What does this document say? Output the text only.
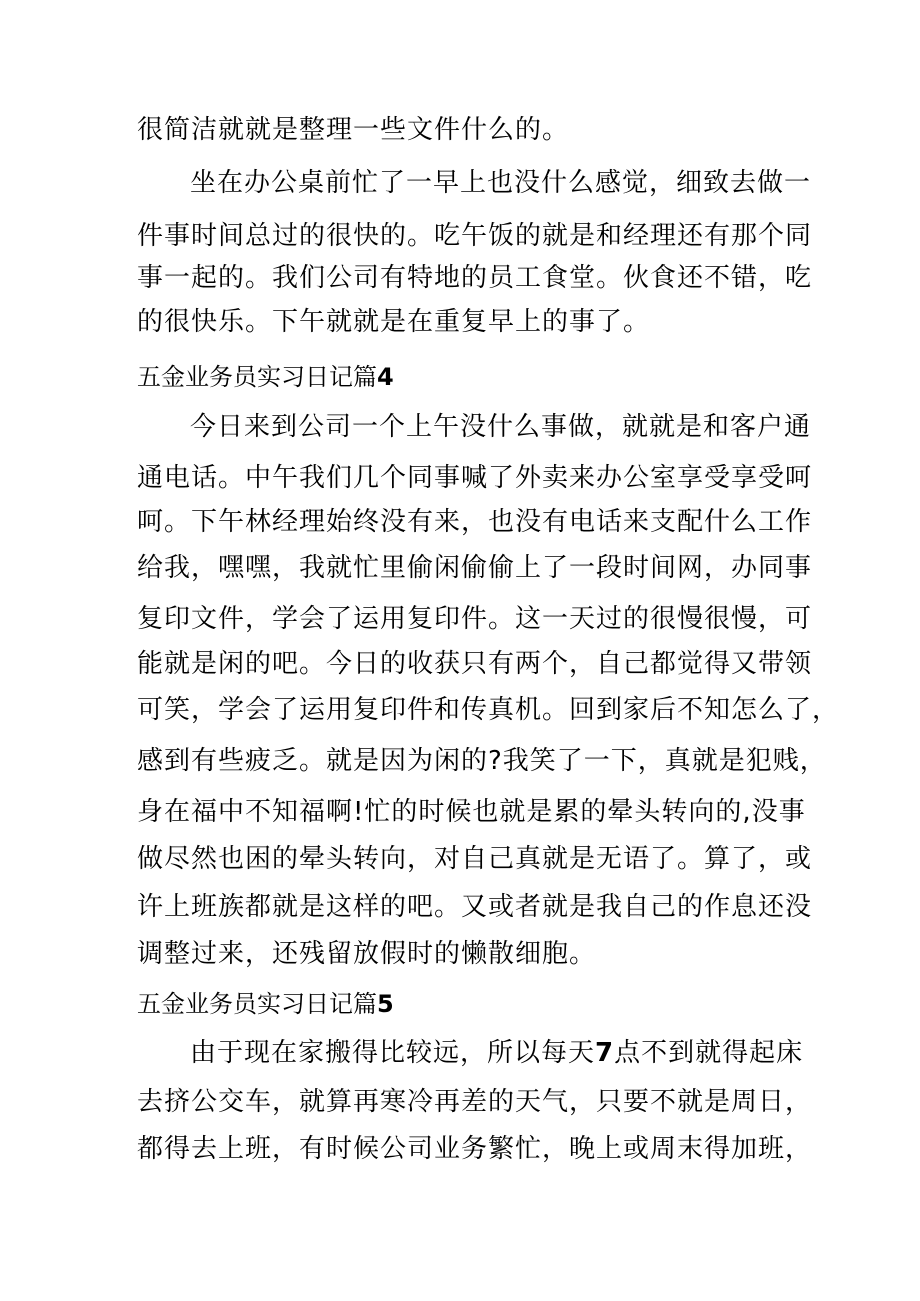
很简洁就就是整理一些文件什么的。
坐在办公桌前忙了一早上也没什么感觉，细致去做一
件事时间总过的很快的。吃午饭的就是和经理还有那个同
事一起的。我们公司有特地的员工食堂。伙食还不错，吃
的很快乐。下午就就是在重复早上的事了。
五金业务员实习日记篇4
今日来到公司一个上午没什么事做，就就是和客户通
通电话。中午我们几个同事喊了外卖来办公室享受享受呵
呵。下午林经理始终没有来，也没有电话来支配什么工作
给我，嘿嘿，我就忙里偷闲偷偷上了一段时间网，办同事
复印文件，学会了运用复印件。这一天过的很慢很慢，可
能就是闲的吧。今日的收获只有两个，自己都觉得又带领
可笑，学会了运用复印件和传真机。回到家后不知怎么了，
感到有些疲乏。就是因为闲的?我笑了一下，真就是犯贱，
身在福中不知福啊!忙的时候也就是累的晕头转向的,没事
做尽然也困的晕头转向，对自己真就是无语了。算了，或
许上班族都就是这样的吧。又或者就是我自己的作息还没
调整过来，还残留放假时的懒散细胞。
五金业务员实习日记篇5
由于现在家搬得比较远，所以每天7点不到就得起床
去挤公交车，就算再寒冷再差的天气，只要不就是周日，
都得去上班，有时候公司业务繁忙，晚上或周末得加班，
